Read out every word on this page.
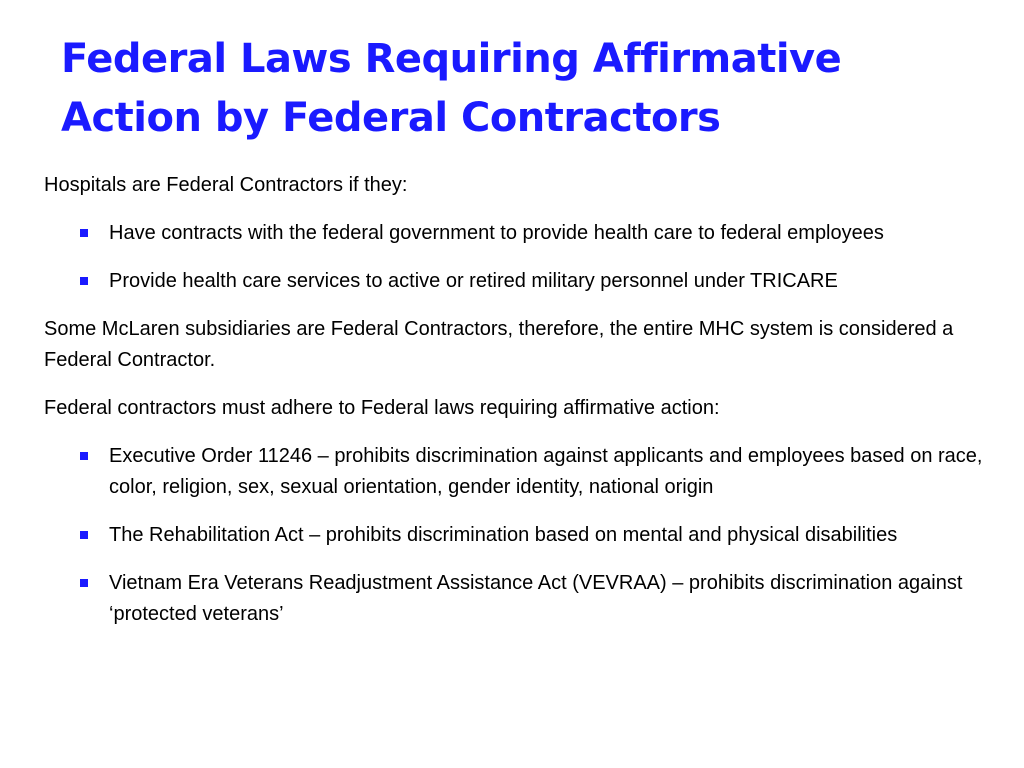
Federal Laws Requiring Affirmative
Action by Federal Contractors

Hospitals are Federal Contractors if they:

Have contracts with the federal government to provide health care to federal employees
Provide health care services to active or retired military personnel under TRICARE

Some McLaren subsidiaries are Federal Contractors, therefore, the entire MHC system is considered a Federal Contractor.

Federal contractors must adhere to Federal laws requiring affirmative action:

Executive Order 11246 – prohibits discrimination against applicants and employees based on race, color, religion, sex, sexual orientation, gender identity, national origin
The Rehabilitation Act – prohibits discrimination based on mental and physical disabilities
Vietnam Era Veterans Readjustment Assistance Act (VEVRAA) – prohibits discrimination against ‘protected veterans’
